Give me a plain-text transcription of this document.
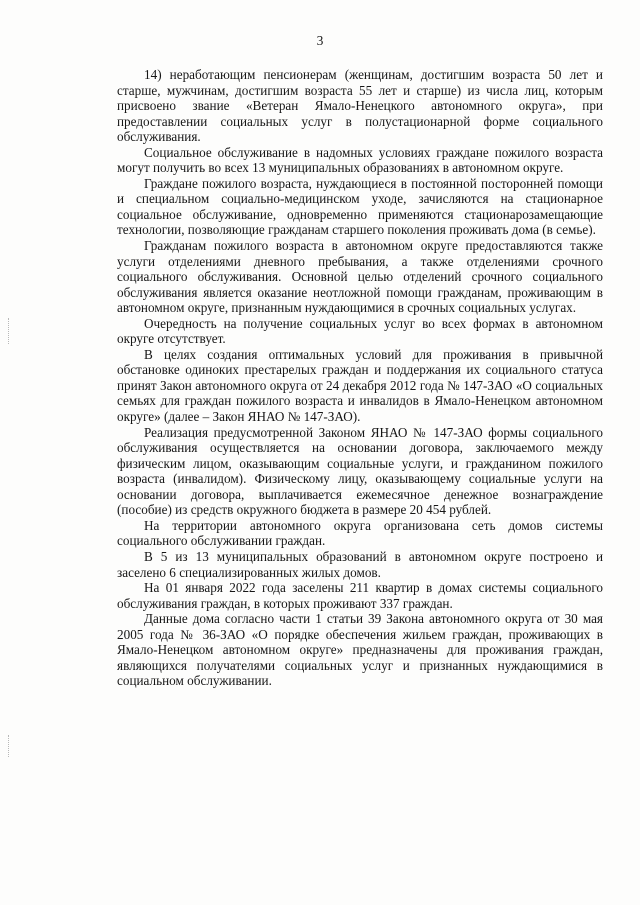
3

14) неработающим пенсионерам (женщинам, достигшим возраста 50 лет и старше, мужчинам, достигшим возраста 55 лет и старше) из числа лиц, которым присвоено звание «Ветеран Ямало-Ненецкого автономного округа», при предоставлении социальных услуг в полустационарной форме социального обслуживания.

Социальное обслуживание в надомных условиях граждане пожилого возраста могут получить во всех 13 муниципальных образованиях в автономном округе.

Граждане пожилого возраста, нуждающиеся в постоянной посторонней помощи и специальном социально-медицинском уходе, зачисляются на стационарное социальное обслуживание, одновременно применяются стационарозамещающие технологии, позволяющие гражданам старшего поколения проживать дома (в семье).

Гражданам пожилого возраста в автономном округе предоставляются также услуги отделениями дневного пребывания, а также отделениями срочного социального обслуживания. Основной целью отделений срочного социального обслуживания является оказание неотложной помощи гражданам, проживающим в автономном округе, признанным нуждающимися в срочных социальных услугах.

Очередность на получение социальных услуг во всех формах в автономном округе отсутствует.

В целях создания оптимальных условий для проживания в привычной обстановке одиноких престарелых граждан и поддержания их социального статуса принят Закон автономного округа от 24 декабря 2012 года № 147-ЗАО «О социальных семьях для граждан пожилого возраста и инвалидов в Ямало-Ненецком автономном округе» (далее – Закон ЯНАО № 147-ЗАО).

Реализация предусмотренной Законом ЯНАО № 147-ЗАО формы социального обслуживания осуществляется на основании договора, заключаемого между физическим лицом, оказывающим социальные услуги, и гражданином пожилого возраста (инвалидом). Физическому лицу, оказывающему социальные услуги на основании договора, выплачивается ежемесячное денежное вознаграждение (пособие) из средств окружного бюджета в размере 20 454 рублей.

На территории автономного округа организована сеть домов системы социального обслуживании граждан.

В 5 из 13 муниципальных образований в автономном округе построено и заселено 6 специализированных жилых домов.

На 01 января 2022 года заселены 211 квартир в домах системы социального обслуживания граждан, в которых проживают 337 граждан.

Данные дома согласно части 1 статьи 39 Закона автономного округа от 30 мая 2005 года № 36-ЗАО «О порядке обеспечения жильем граждан, проживающих в Ямало-Ненецком автономном округе» предназначены для проживания граждан, являющихся получателями социальных услуг и признанных нуждающимися в социальном обслуживании.
